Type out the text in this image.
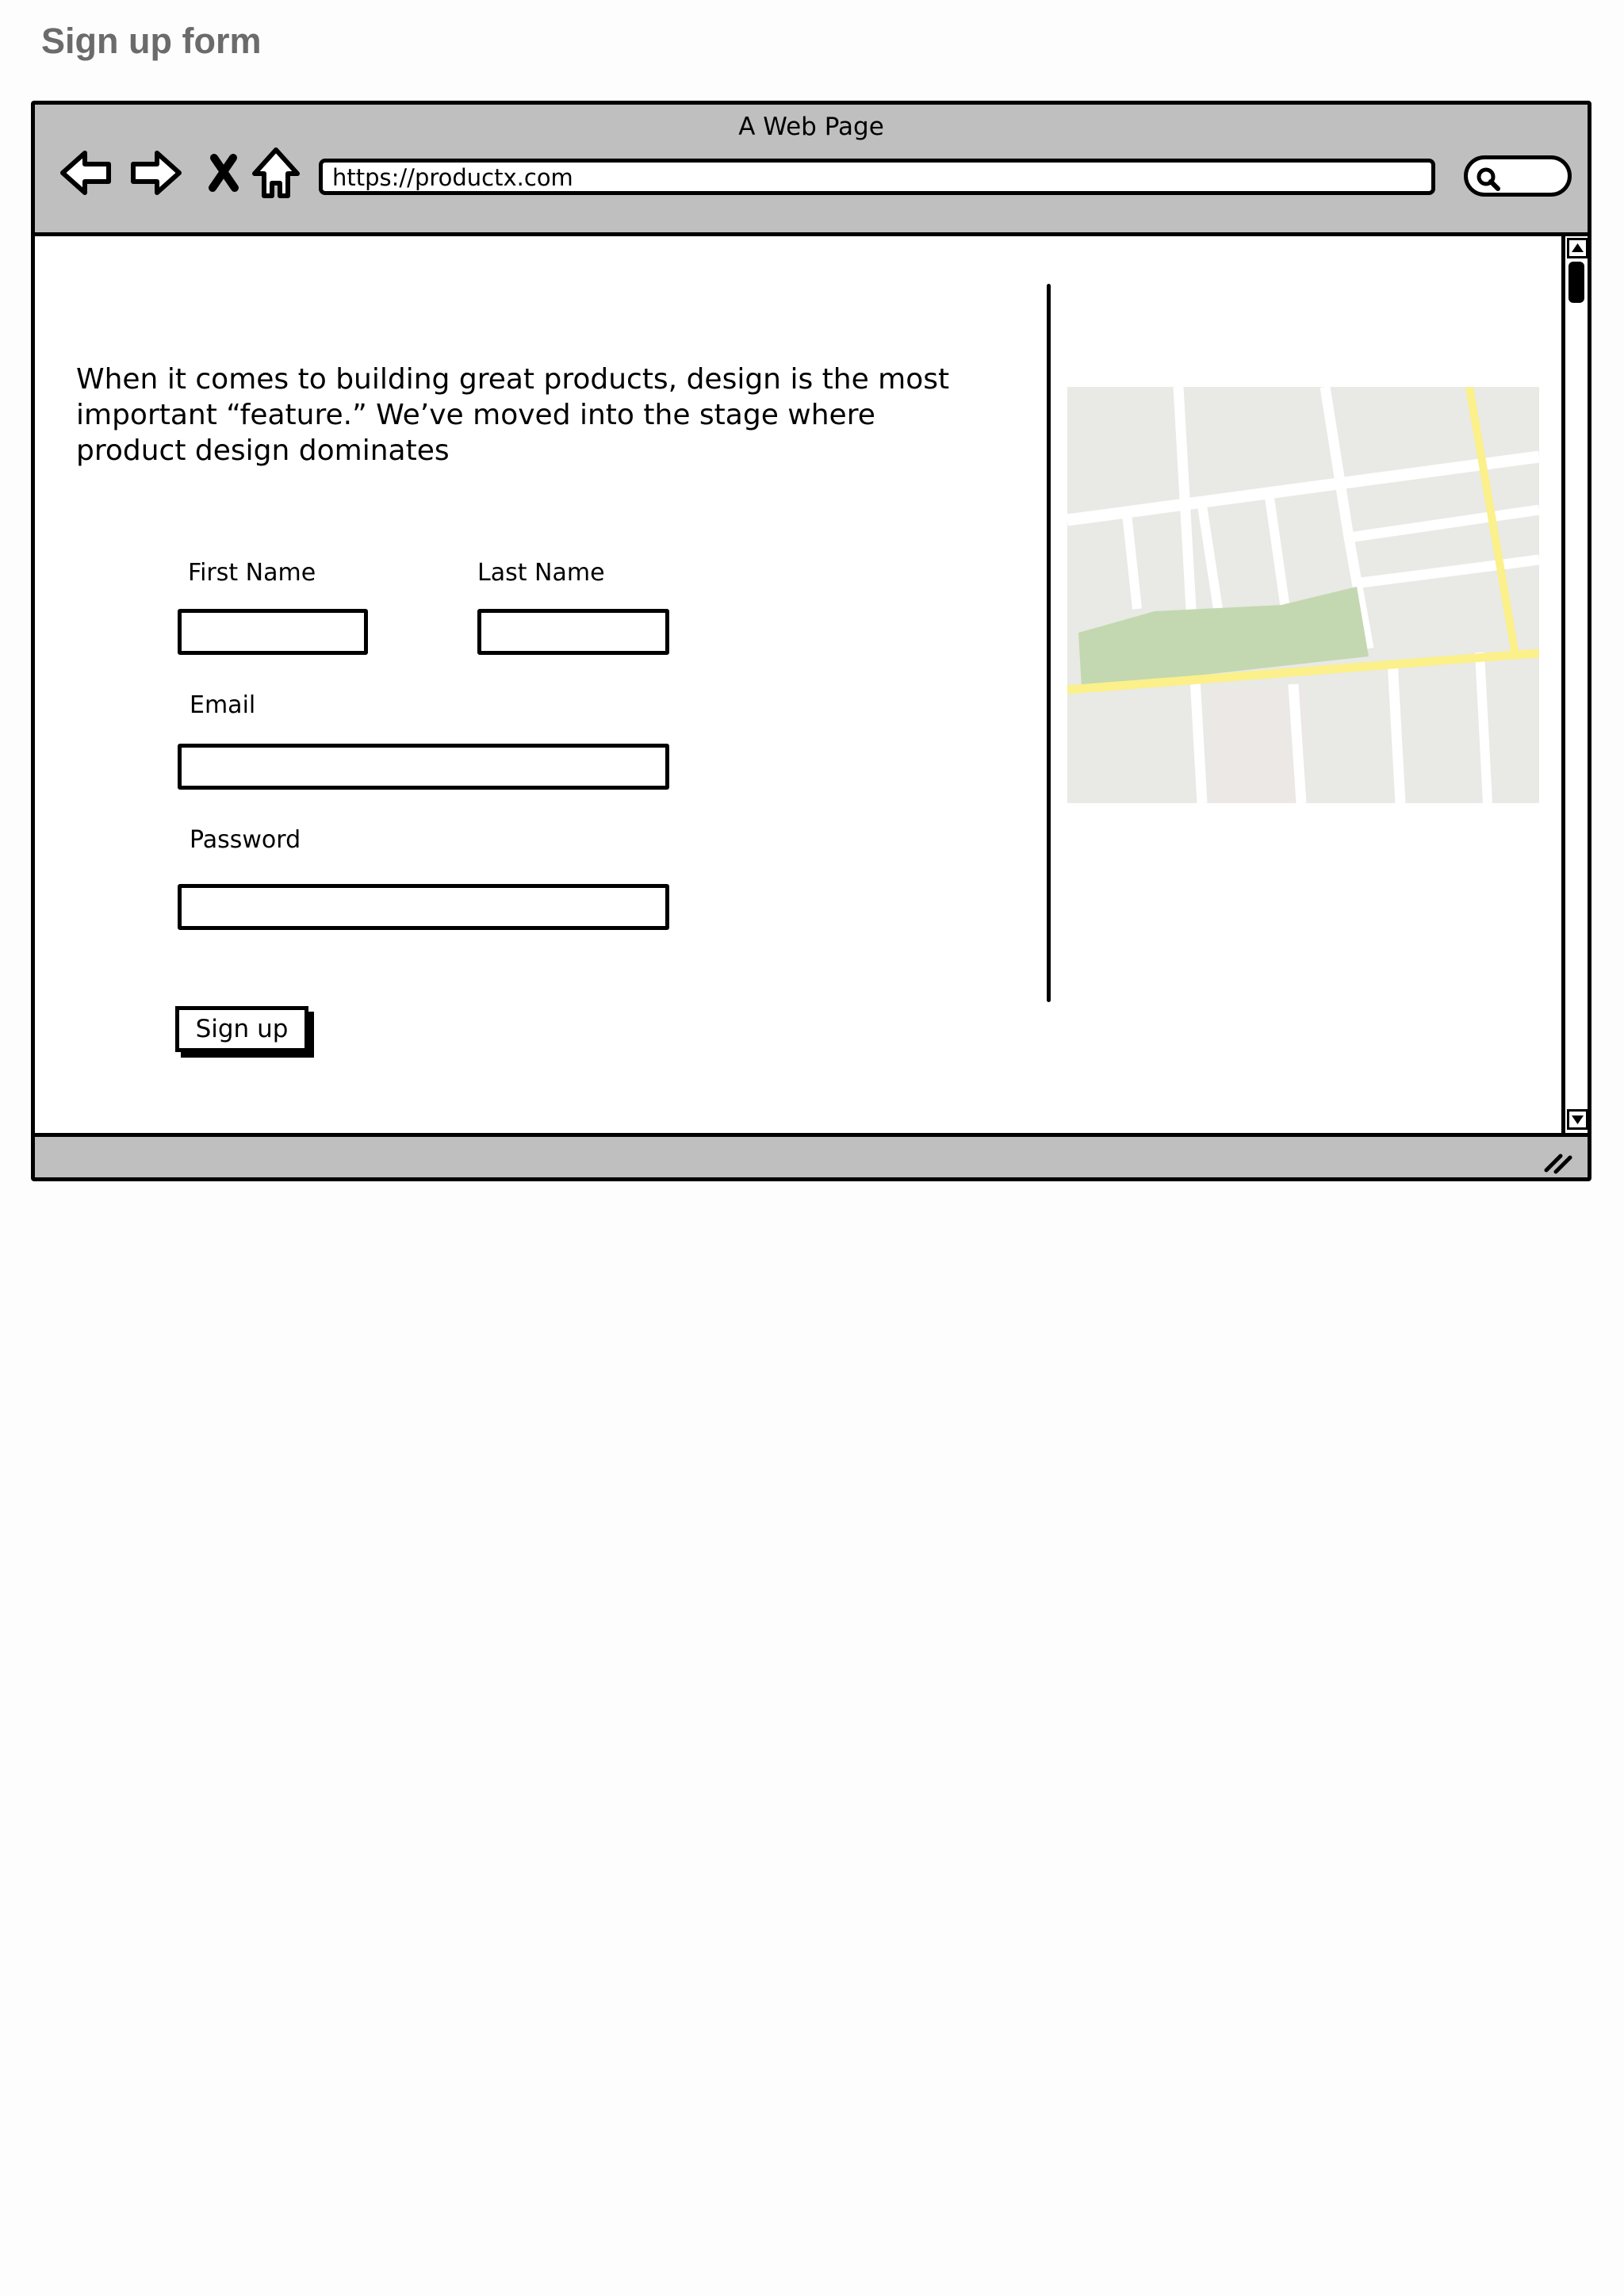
Sign up form
A Web Page
https://productx.com

When it comes to building great products, design is the most important “feature.” We’ve moved into the stage where product design dominates

First Name	Last Name
Email
Password
Sign up
